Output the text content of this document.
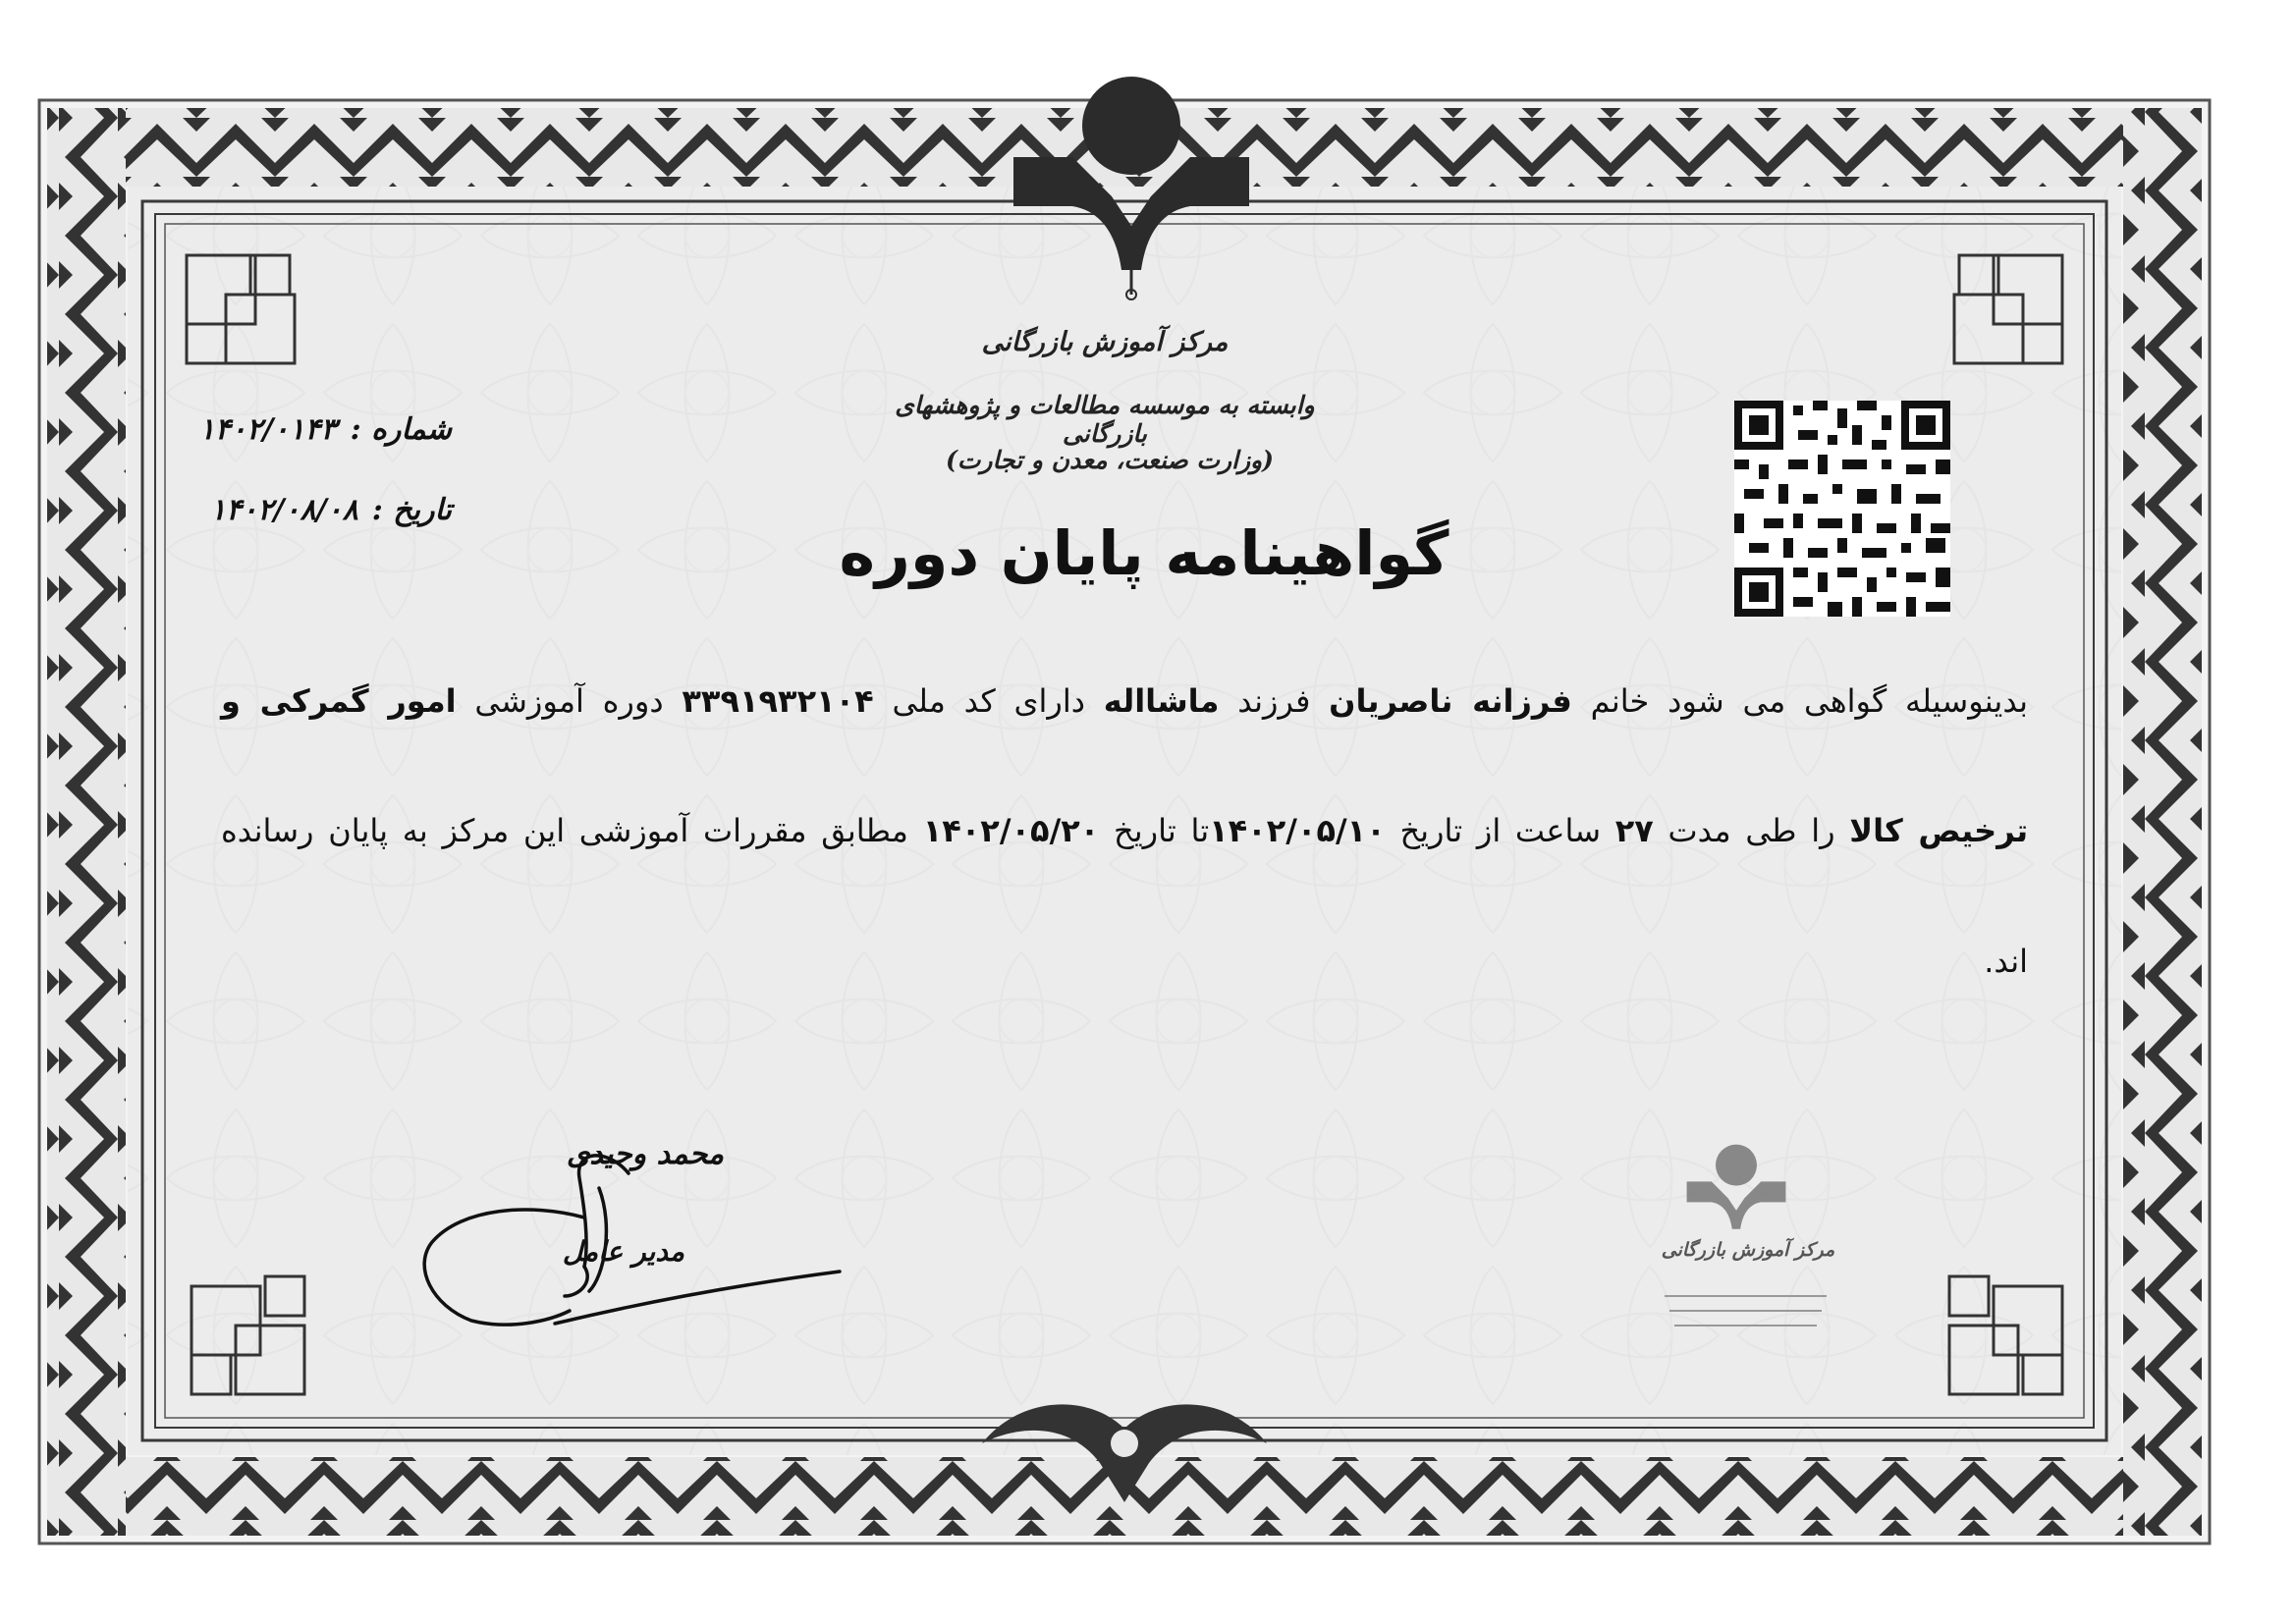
مرکز آموزش بازرگانی
وابسته به موسسه مطالعات و پژوهشهای بازرگانی
(وزارت صنعت، معدن و تجارت)
شماره :۱۴۰۲/۰۱۴۳
تاریخ :۱۴۰۲/۰۸/۰۸
گواهینامه پایان دوره
بدینوسیله گواهی می شود خانم فرزانه ناصریان فرزند ماشااله دارای کد ملی ۳۳۹۱۹۳۲۱۰۴ دوره آموزشی امور گمرکی و
ترخیص کالا را طی مدت ۲۷ ساعت از تاریخ ۱۴۰۲/۰۵/۱۰تا تاریخ ۱۴۰۲/۰۵/۲۰ مطابق مقررات آموزشی این مرکز به پایان رسانده
اند.
محمد وحیدی
مدیر عامل	مرکز آموزش بازرگانی
